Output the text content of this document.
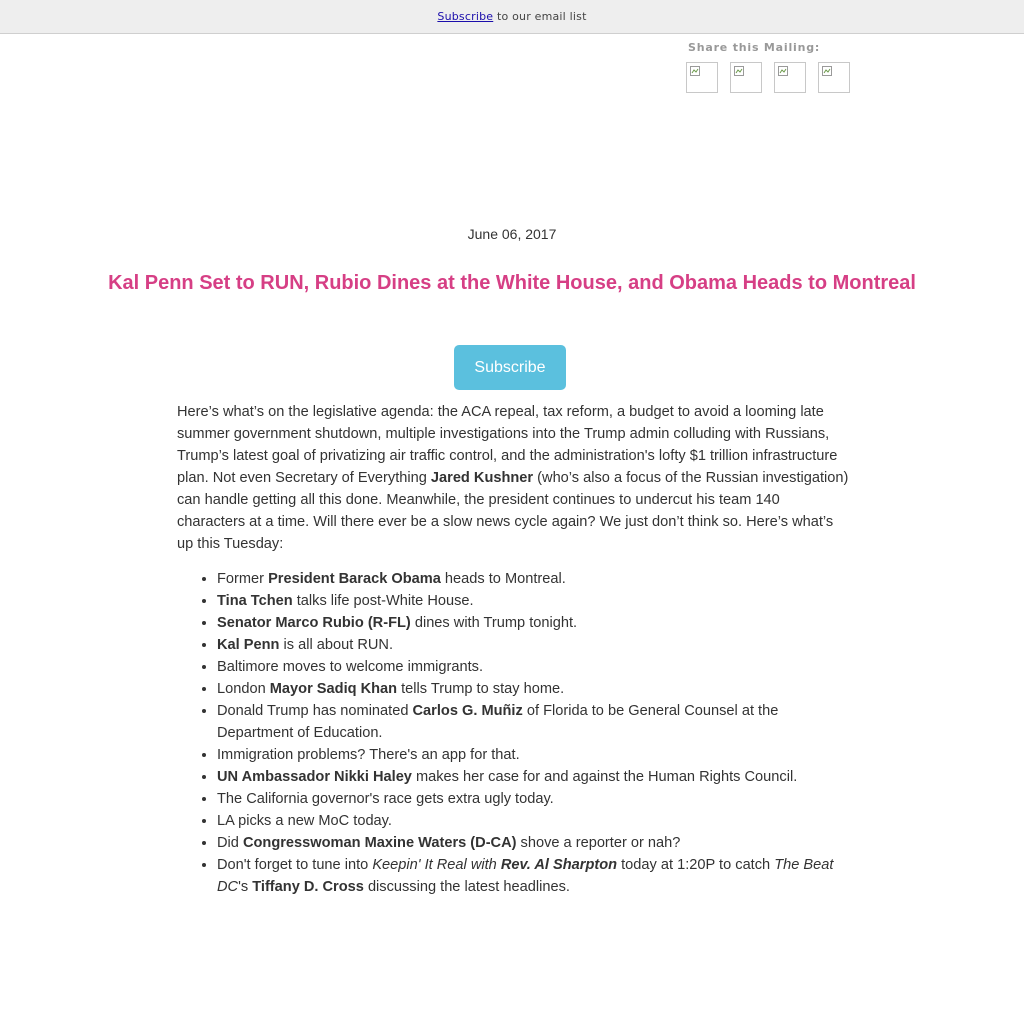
Subscribe to our email list
Share this Mailing:
June 06, 2017
Kal Penn Set to RUN, Rubio Dines at the White House, and Obama Heads to Montreal
Subscribe

Here’s what’s on the legislative agenda: the ACA repeal, tax reform, a budget to avoid a looming late summer government shutdown, multiple investigations into the Trump admin colluding with Russians, Trump’s latest goal of privatizing air traffic control, and the administration's lofty $1 trillion infrastructure plan. Not even Secretary of Everything Jared Kushner (who’s also a focus of the Russian investigation) can handle getting all this done. Meanwhile, the president continues to undercut his team 140 characters at a time. Will there ever be a slow news cycle again? We just don’t think so. Here’s what’s up this Tuesday:

• Former President Barack Obama heads to Montreal.
• Tina Tchen talks life post-White House.
• Senator Marco Rubio (R-FL) dines with Trump tonight.
• Kal Penn is all about RUN.
• Baltimore moves to welcome immigrants.
• London Mayor Sadiq Khan tells Trump to stay home.
• Donald Trump has nominated Carlos G. Muñiz of Florida to be General Counsel at the Department of Education.
• Immigration problems? There's an app for that.
• UN Ambassador Nikki Haley makes her case for and against the Human Rights Council.
• The California governor's race gets extra ugly today.
• LA picks a new MoC today.
• Did Congresswoman Maxine Waters (D-CA) shove a reporter or nah?
• Don't forget to tune into Keepin' It Real with Rev. Al Sharpton today at 1:20P to catch The Beat DC's Tiffany D. Cross discussing the latest headlines.
